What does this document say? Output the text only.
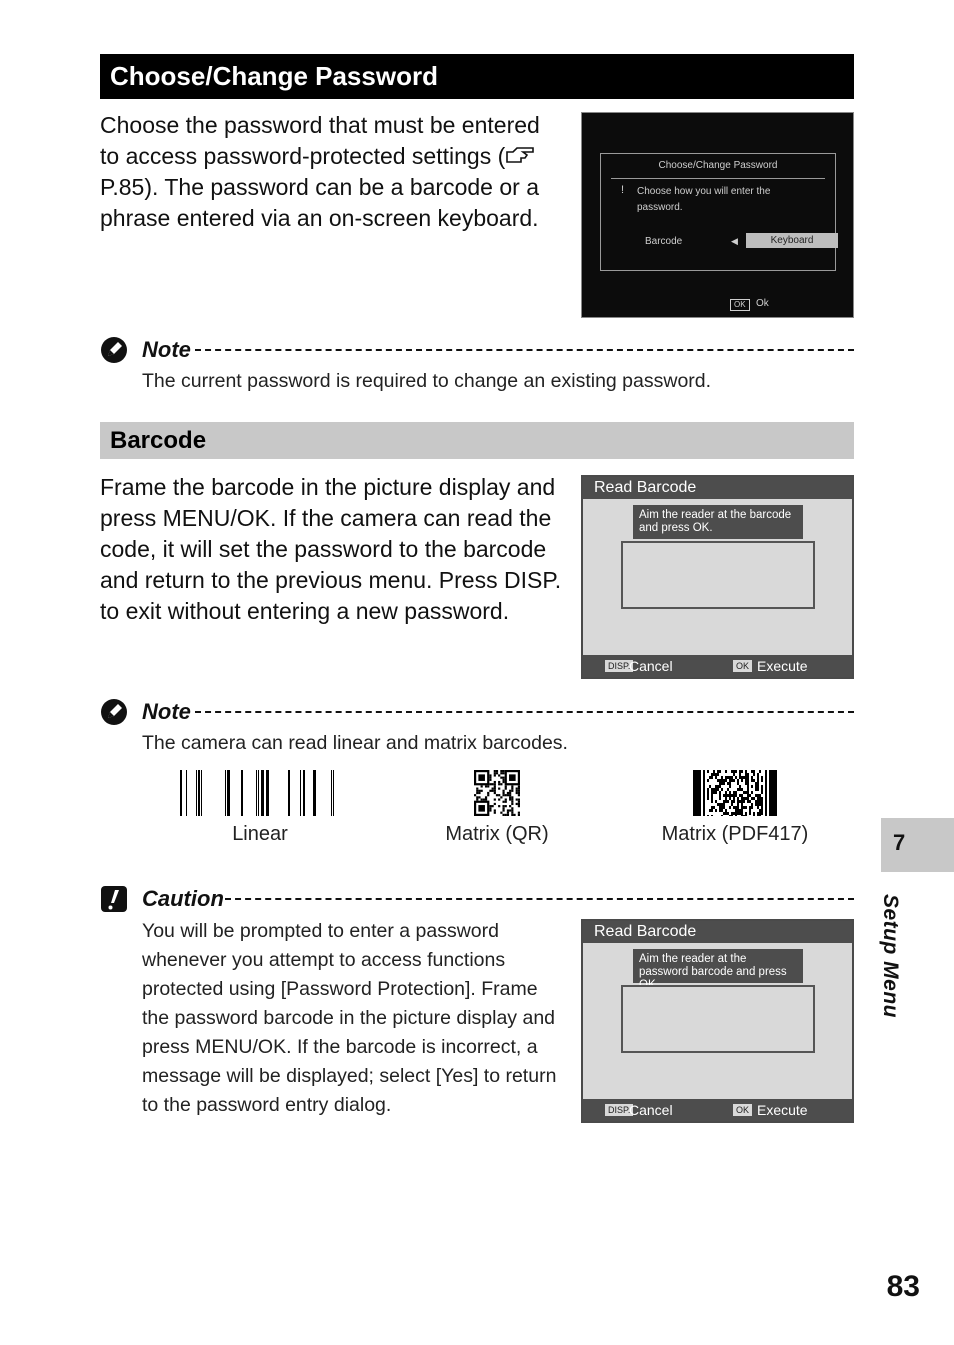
Choose/Change Password
Choose the password that must be entered to access password-protected settings (P.85). The password can be a barcode or a phrase entered via an on-screen keyboard.
Choose/Change Password
! Choose how you will enter the password.
Barcode	◀	Keyboard
OK	Ok
Note
The current password is required to change an existing password.
Barcode
Frame the barcode in the picture display and press MENU/OK. If the camera can read the code, it will set the password to the barcode and return to the previous menu. Press DISP. to exit without entering a new password.
Read Barcode
Aim the reader at the barcode and press OK.
DISP.
Cancel	OK Execute
Note
The camera can read linear and matrix barcodes.
Linear	Matrix (QR)	Matrix (PDF417)
Caution
You will be prompted to enter a password whenever you attempt to access functions protected using [Password Protection]. Frame the password barcode in the picture display and press MENU/OK. If the barcode is incorrect, a message will be displayed; select [Yes] to return to the password entry dialog.
Read Barcode
Aim the reader at the password barcode and press
DISP.
Cancel	OK Execute
7
Setup Menu
83
